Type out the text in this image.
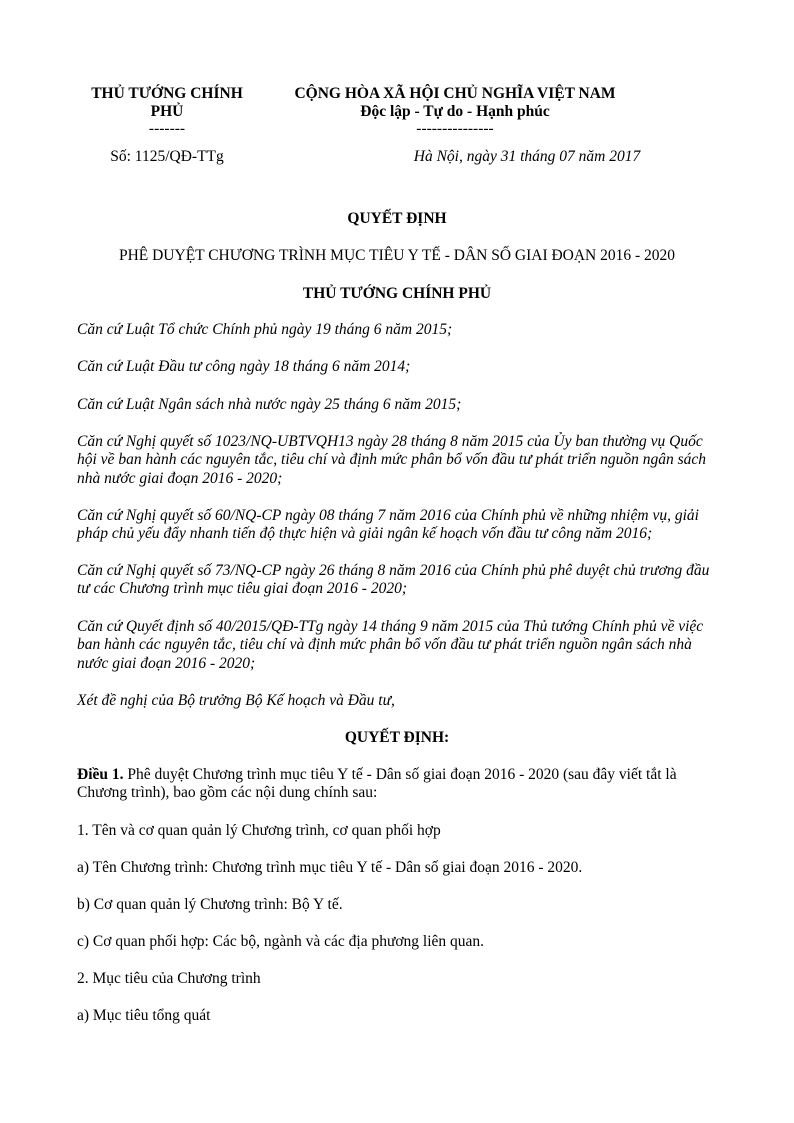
THỦ TƯỚNG CHÍNH
PHỦ
-------
CỘNG HÒA XÃ HỘI CHỦ NGHĨA VIỆT NAM
Độc lập - Tự do - Hạnh phúc
---------------
Số: 1125/QĐ-TTg	Hà Nội, ngày 31 tháng 07 năm 2017
QUYẾT ĐỊNH
PHÊ DUYỆT CHƯƠNG TRÌNH MỤC TIÊU Y TẾ - DÂN SỐ GIAI ĐOẠN 2016 - 2020
THỦ TƯỚNG CHÍNH PHỦ
Căn cứ Luật Tổ chức Chính phủ ngày 19 tháng 6 năm 2015;
Căn cứ Luật Đầu tư công ngày 18 tháng 6 năm 2014;
Căn cứ Luật Ngân sách nhà nước ngày 25 tháng 6 năm 2015;
Căn cứ Nghị quyết số 1023/NQ-UBTVQH13 ngày 28 tháng 8 năm 2015 của Ủy ban thường vụ Quốc hội về ban hành các nguyên tắc, tiêu chí và định mức phân bổ vốn đầu tư phát triển nguồn ngân sách nhà nước giai đoạn 2016 - 2020;
Căn cứ Nghị quyết số 60/NQ-CP ngày 08 tháng 7 năm 2016 của Chính phủ về những nhiệm vụ, giải pháp chủ yếu đẩy nhanh tiến độ thực hiện và giải ngân kế hoạch vốn đầu tư công năm 2016;
Căn cứ Nghị quyết số 73/NQ-CP ngày 26 tháng 8 năm 2016 của Chính phủ phê duyệt chủ trương đầu tư các Chương trình mục tiêu giai đoạn 2016 - 2020;
Căn cứ Quyết định số 40/2015/QĐ-TTg ngày 14 tháng 9 năm 2015 của Thủ tướng Chính phủ về việc ban hành các nguyên tắc, tiêu chí và định mức phân bổ vốn đầu tư phát triển nguồn ngân sách nhà nước giai đoạn 2016 - 2020;
Xét đề nghị của Bộ trưởng Bộ Kế hoạch và Đầu tư,
QUYẾT ĐỊNH:
Điều 1. Phê duyệt Chương trình mục tiêu Y tế - Dân số giai đoạn 2016 - 2020 (sau đây viết tắt là Chương trình), bao gồm các nội dung chính sau:
1. Tên và cơ quan quản lý Chương trình, cơ quan phối hợp
a) Tên Chương trình: Chương trình mục tiêu Y tế - Dân số giai đoạn 2016 - 2020.
b) Cơ quan quản lý Chương trình: Bộ Y tế.
c) Cơ quan phối hợp: Các bộ, ngành và các địa phương liên quan.
2. Mục tiêu của Chương trình
a) Mục tiêu tổng quát
